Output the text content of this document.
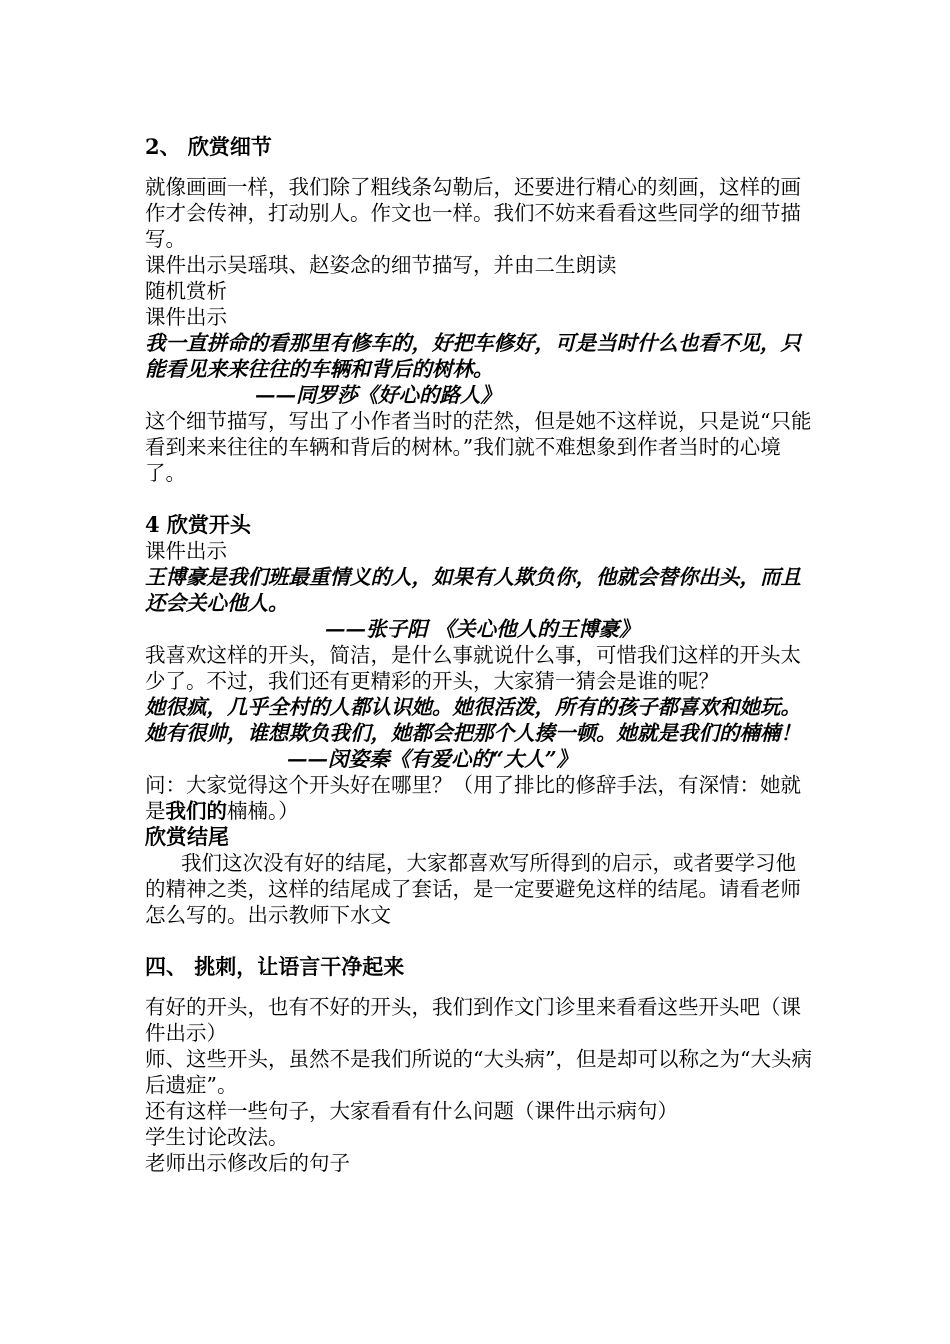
2、 欣赏细节

就像画画一样，我们除了粗线条勾勒后，还要进行精心的刻画，这样的画作才会传神，打动别人。作文也一样。我们不妨来看看这些同学的细节描写。

课件出示吴瑶琪、赵姿念的细节描写，并由二生朗读

随机赏析

课件出示

我一直拼命的看那里有修车的，好把车修好，可是当时什么也看不见，只能看见来来往往的车辆和背后的树林。

——同罗莎《好心的路人》

这个细节描写，写出了小作者当时的茫然，但是她不这样说，只是说“只能看到来来往往的车辆和背后的树林。”我们就不难想象到作者当时的心境了。

4 欣赏开头

课件出示

王博豪是我们班最重情义的人，如果有人欺负你，他就会替你出头，而且还会关心他人。

——张子阳 《关心他人的王博豪》

我喜欢这样的开头，简洁，是什么事就说什么事，可惜我们这样的开头太少了。不过，我们还有更精彩的开头，大家猜一猜会是谁的呢？

她很疯，几乎全村的人都认识她。她很活泼，所有的孩子都喜欢和她玩。她有很帅，谁想欺负我们，她都会把那个人揍一顿。她就是我们的楠楠！

——闵姿秦《有爱心的“大人”》

问：大家觉得这个开头好在哪里？（用了排比的修辞手法，有深情：她就是我们的楠楠。）

欣赏结尾

我们这次没有好的结尾，大家都喜欢写所得到的启示，或者要学习他的精神之类，这样的结尾成了套话，是一定要避免这样的结尾。请看老师怎么写的。出示教师下水文

四、 挑刺，让语言干净起来

有好的开头，也有不好的开头，我们到作文门诊里来看看这些开头吧（课件出示）

师、这些开头，虽然不是我们所说的“大头病”，但是却可以称之为“大头病后遗症”。

还有这样一些句子，大家看看有什么问题（课件出示病句）

学生讨论改法。

老师出示修改后的句子
